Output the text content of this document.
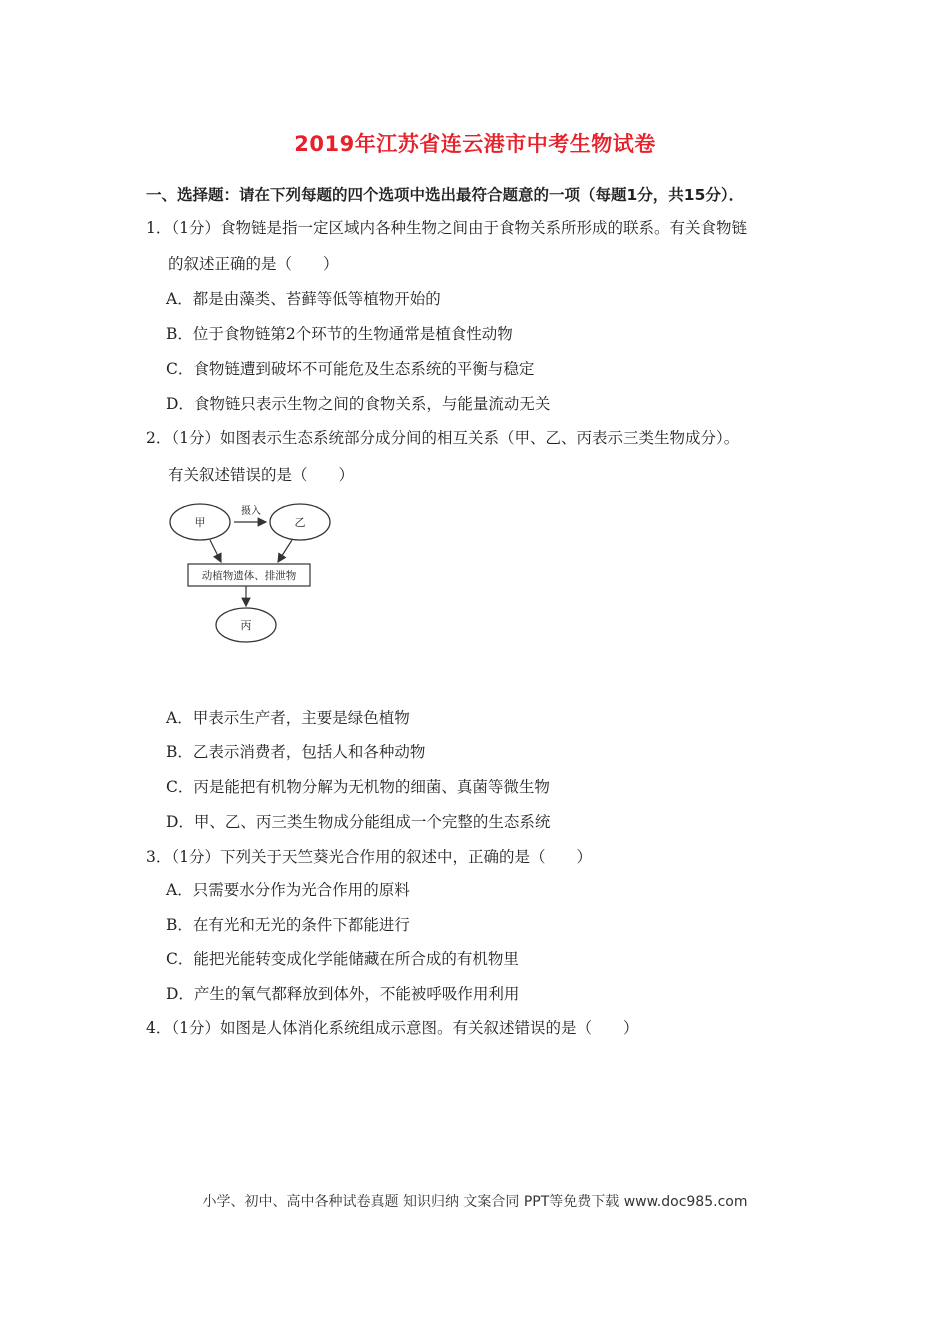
2019年江苏省连云港市中考生物试卷
一、选择题：请在下列每题的四个选项中选出最符合题意的一项（每题1分，共15分）．
1．（1分）食物链是指一定区域内各种生物之间由于食物关系所形成的联系。有关食物链
的叙述正确的是（　　）
A．都是由藻类、苔藓等低等植物开始的
B．位于食物链第2个环节的生物通常是植食性动物
C．食物链遭到破坏不可能危及生态系统的平衡与稳定
D．食物链只表示生物之间的食物关系，与能量流动无关
2．（1分）如图表示生态系统部分成分间的相互关系（甲、乙、丙表示三类生物成分）。
有关叙述错误的是（　　）
甲	乙
摄入
动植物遗体、排泄物
丙
A．甲表示生产者，主要是绿色植物
B．乙表示消费者，包括人和各种动物
C．丙是能把有机物分解为无机物的细菌、真菌等微生物
D．甲、乙、丙三类生物成分能组成一个完整的生态系统
3．（1分）下列关于天竺葵光合作用的叙述中，正确的是（　　）
A．只需要水分作为光合作用的原料
B．在有光和无光的条件下都能进行
C．能把光能转变成化学能储藏在所合成的有机物里
D．产生的氧气都释放到体外，不能被呼吸作用利用
4．（1分）如图是人体消化系统组成示意图。有关叙述错误的是（　　）
小学、初中、高中各种试卷真题 知识归纳 文案合同 PPT等免费下载 www.doc985.com
